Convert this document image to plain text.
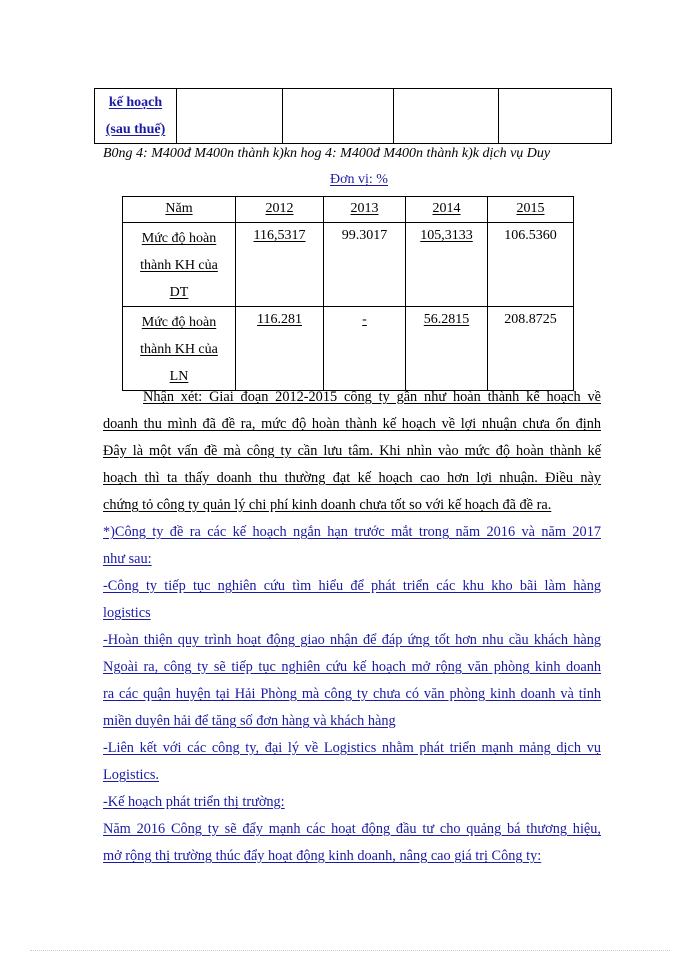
kế hoạch
(sau thuế)				
B0ng 4: M400đ M400n thành k)kn hog 4: M400đ M400n thành k)k dịch vụ Duy
Đơn vị: %
Năm	2012	2013	2014	2015
Mức độ hoàn
thành KH của
DT	116,5317	99.3017	105,3133	106.5360
Mức độ hoàn
thành KH của
LN	116.281	-	56.2815	208.8725
Nhận xét: Giai đoạn 2012-2015 công ty gần như hoàn thành kế hoạch về
doanh thu mình đã đề ra, mức độ hoàn thành kế hoạch về lợi nhuận chưa ổn định
Đây là một vấn đề mà công ty cần lưu tâm. Khi nhìn vào mức độ hoàn thành kế
hoạch thì ta thấy doanh thu thường đạt kế hoạch cao hơn lợi nhuận. Điều này
chứng tỏ công ty quản lý chi phí kinh doanh chưa tốt so với kế hoạch đã đề ra.
*)Công ty đề ra các kế hoạch ngắn hạn trước mắt trong năm 2016 và năm 2017
như sau:
-Công ty tiếp tục nghiên cứu tìm hiểu để phát triển các khu kho bãi làm hàng
logistics
-Hoàn thiện quy trình hoạt động giao nhận để đáp ứng tốt hơn nhu cầu khách hàng
Ngoài ra, công ty sẽ tiếp tục nghiên cứu kế hoạch mở rộng văn phòng kinh doanh
ra các quận huyện tại Hải Phòng mà công ty chưa có văn phòng kinh doanh và tỉnh
miền duyên hải để tăng số đơn hàng và khách hàng
-Liên kết với các công ty, đại lý về Logistics nhằm phát triển mạnh mảng dịch vụ
Logistics.
-Kế hoạch phát triển thị trường:
Năm 2016 Công ty sẽ đẩy mạnh các hoạt động đầu tư cho quảng bá thương hiệu,
mở rộng thị trường thúc đẩy hoạt động kinh doanh, nâng cao giá trị Công ty:
